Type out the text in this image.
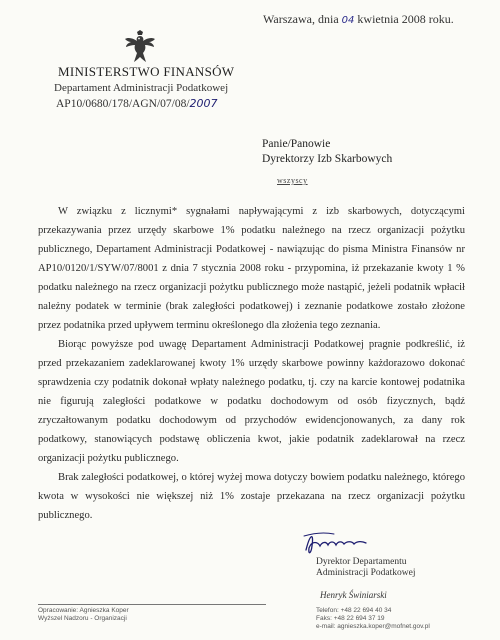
Warszawa, dnia 04 kwietnia 2008 roku.
MINISTERSTWO FINANSÓW
Departament Administracji Podatkowej
AP10/0680/178/AGN/07/08/2007
Panie/Panowie
Dyrektorzy Izb Skarbowych
wszyscy

W związku z licznymi* sygnałami napływającymi z izb skarbowych, dotyczącymi przekazywania przez urzędy skarbowe 1% podatku należnego na rzecz organizacji pożytku publicznego, Departament Administracji Podatkowej - nawiązując do pisma Ministra Finansów nr AP10/0120/1/SYW/07/8001 z dnia 7 stycznia 2008 roku - przypomina, iż przekazanie kwoty 1 % podatku należnego na rzecz organizacji pożytku publicznego może nastąpić, jeżeli podatnik wpłacił należny podatek w terminie (brak zaległości podatkowej) i zeznanie podatkowe zostało złożone przez podatnika przed upływem terminu określonego dla złożenia tego zeznania.

Biorąc powyższe pod uwagę Departament Administracji Podatkowej pragnie podkreślić, iż przed przekazaniem zadeklarowanej kwoty 1% urzędy skarbowe powinny każdorazowo dokonać sprawdzenia czy podatnik dokonał wpłaty należnego podatku, tj. czy na karcie kontowej podatnika nie figurują zaległości podatkowe w podatku dochodowym od osób fizycznych, bądź zryczałtowanym podatku dochodowym od przychodów ewidencjonowanych, za dany rok podatkowy, stanowiących podstawę obliczenia kwot, jakie podatnik zadeklarował na rzecz organizacji pożytku publicznego.

Brak zaległości podatkowej, o której wyżej mowa dotyczy bowiem podatku należnego, którego kwota w wysokości nie większej niż 1% zostaje przekazana na rzecz organizacji pożytku publicznego.

Dyrektor Departamentu
Administracji Podatkowej
Henryk Świniarski
Opracowanie: Agnieszka Koper
Wyższel Nadzoru - Organizacji
Telefon: +48 22 694 40 34
Faks: +48 22 694 37 19
e-mail: agnieszka.koper@mofnet.gov.pl
